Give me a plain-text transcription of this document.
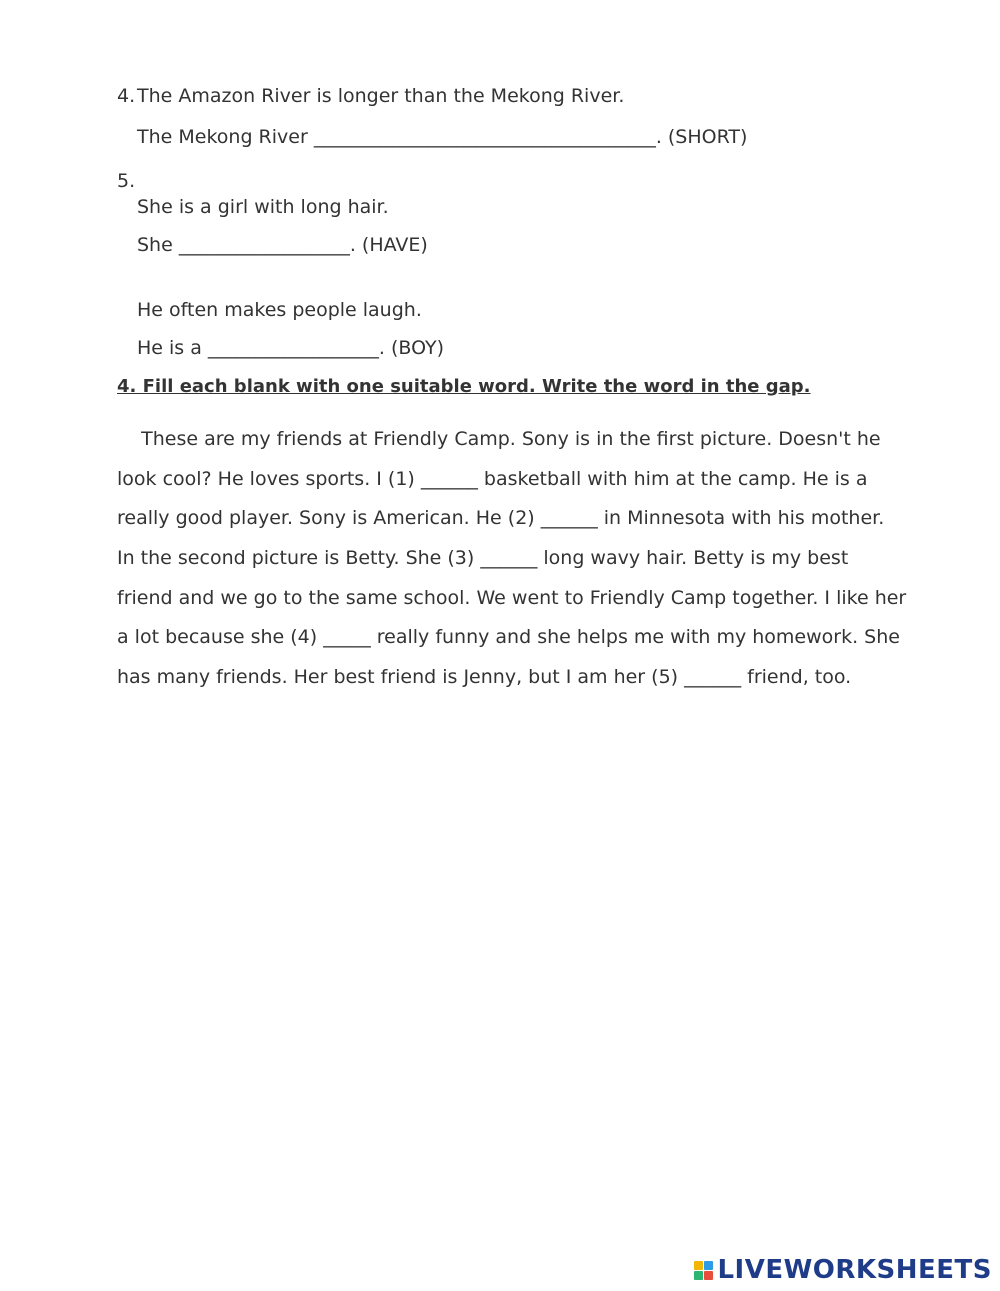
4. The Amazon River is longer than the Mekong River.
The Mekong River ____________________________________. (SHORT)
5.
She is a girl with long hair.
She __________________. (HAVE)
He often makes people laugh.
He is a __________________. (BOY)
4. Fill each blank with one suitable word. Write the word in the gap.
These are my friends at Friendly Camp. Sony is in the first picture. Doesn't he
look cool? He loves sports. I (1) ______ basketball with him at the camp. He is a
really good player. Sony is American. He (2) ______ in Minnesota with his mother.
In the second picture is Betty. She (3) ______ long wavy hair. Betty is my best
friend and we go to the same school. We went to Friendly Camp together. I like her
a lot because she (4) _____ really funny and she helps me with my homework. She
has many friends. Her best friend is Jenny, but I am her (5) ______ friend, too.
LIVEWORKSHEETS
